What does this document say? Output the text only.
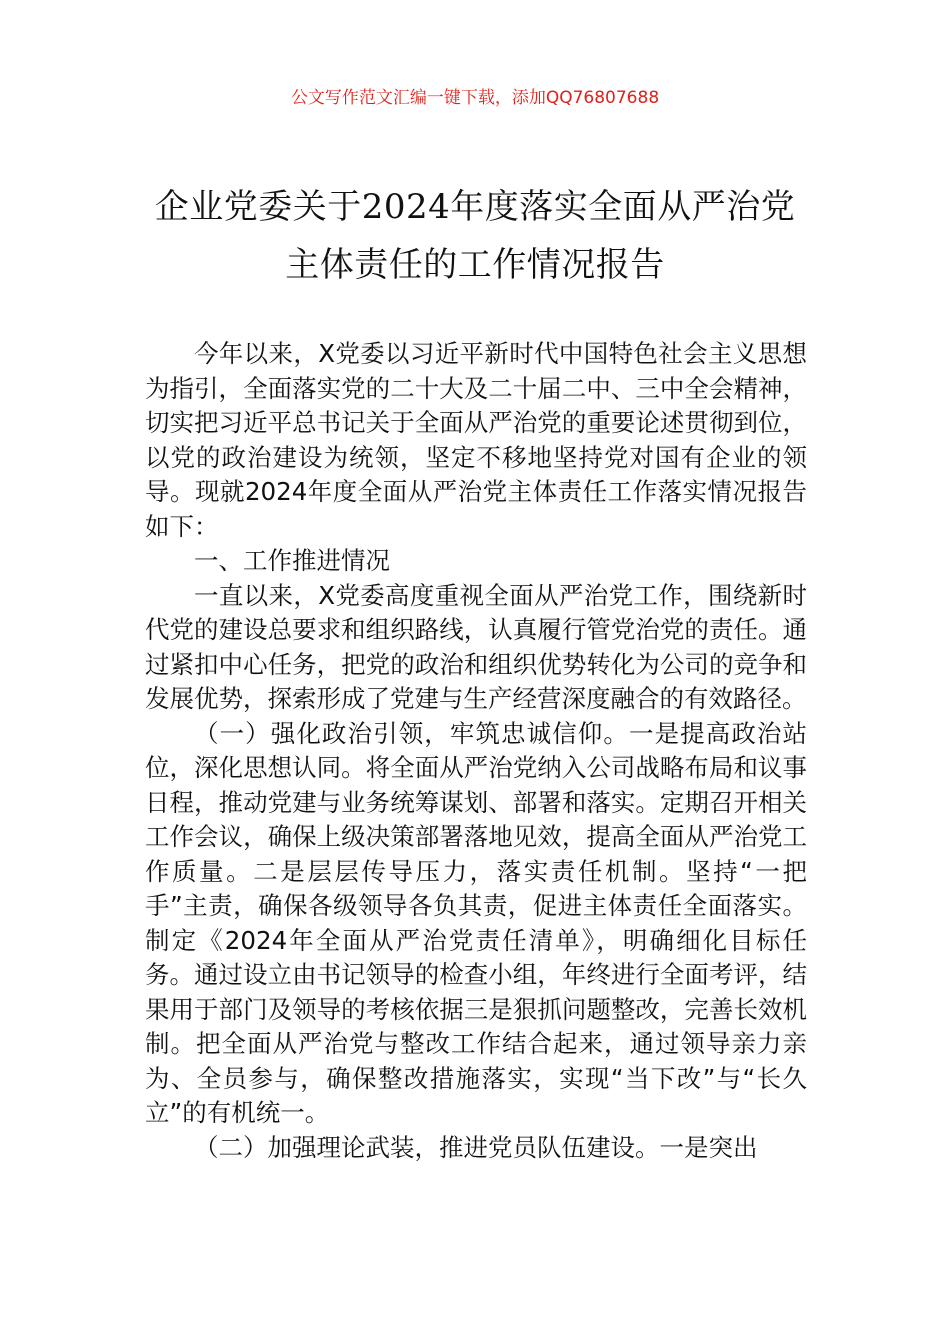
公文写作范文汇编一键下载，添加QQ76807688
企业党委关于2024年度落实全面从严治党
主体责任的工作情况报告

今年以来，X党委以习近平新时代中国特色社会主义思想为指引，全面落实党的二十大及二十届二中、三中全会精神，切实把习近平总书记关于全面从严治党的重要论述贯彻到位，以党的政治建设为统领，坚定不移地坚持党对国有企业的领导。现就2024年度全面从严治党主体责任工作落实情况报告如下：

一、工作推进情况

一直以来，X党委高度重视全面从严治党工作，围绕新时代党的建设总要求和组织路线，认真履行管党治党的责任。通过紧扣中心任务，把党的政治和组织优势转化为公司的竞争和发展优势，探索形成了党建与生产经营深度融合的有效路径。

（一）强化政治引领，牢筑忠诚信仰。一是提高政治站位，深化思想认同。将全面从严治党纳入公司战略布局和议事日程，推动党建与业务统筹谋划、部署和落实。定期召开相关工作会议，确保上级决策部署落地见效，提高全面从严治党工作质量。二是层层传导压力，落实责任机制。坚持“一把手”主责，确保各级领导各负其责，促进主体责任全面落实。制定《2024年全面从严治党责任清单》，明确细化目标任务。通过设立由书记领导的检查小组，年终进行全面考评，结果用于部门及领导的考核依据三是狠抓问题整改，完善长效机制。把全面从严治党与整改工作结合起来，通过领导亲力亲为、全员参与，确保整改措施落实，实现“当下改”与“长久立”的有机统一。

（二）加强理论武装，推进党员队伍建设。一是突出
